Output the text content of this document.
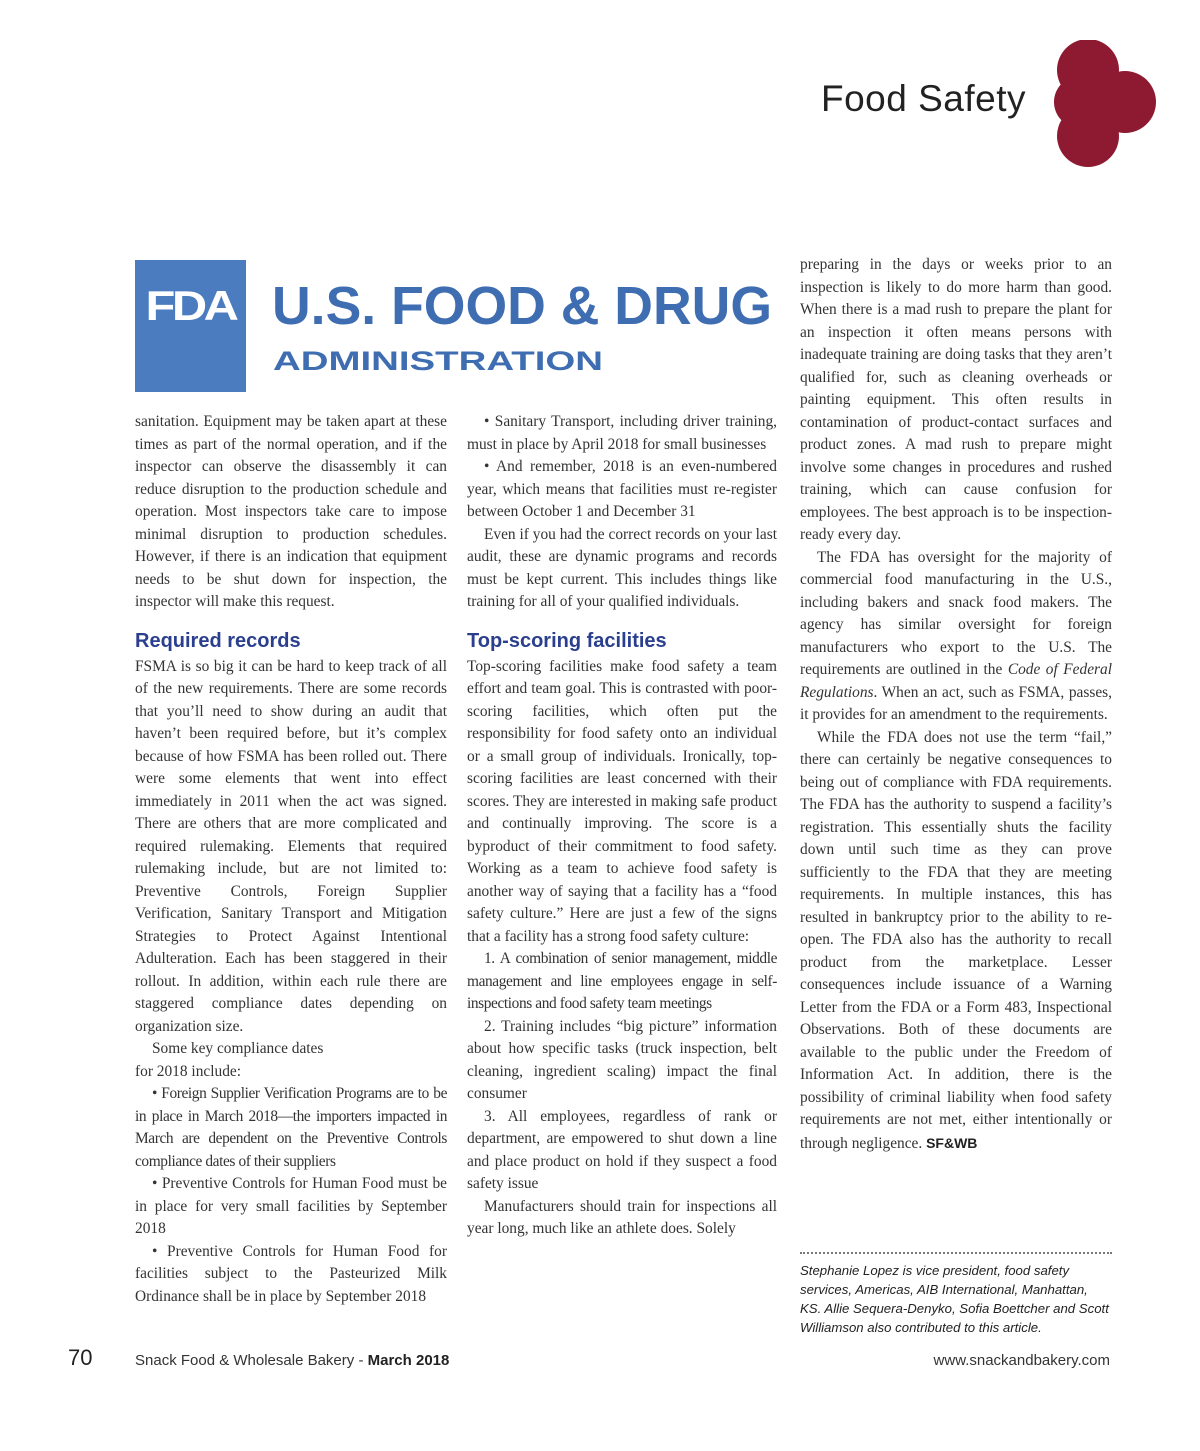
Food Safety
FDA U.S. FOOD & DRUG
ADMINISTRATION

sanitation. Equipment may be taken apart at these times as part of the normal operation, and if the inspector can observe the disassembly it can reduce disruption to the production schedule and operation. Most inspectors take care to impose minimal disruption to production schedules. However, if there is an indication that equipment needs to be shut down for inspection, the inspector will make this request.

Required records

FSMA is so big it can be hard to keep track of all of the new requirements. There are some records that you’ll need to show during an audit that haven’t been required before, but it’s complex because of how FSMA has been rolled out. There were some elements that went into effect immediately in 2011 when the act was signed. There are others that are more complicated and required rulemaking. Elements that required rulemaking include, but are not limited to: Preventive Controls, Foreign Supplier Verification, Sanitary Transport and Mitigation Strategies to Protect Against Intentional Adulteration. Each has been staggered in their rollout. In addition, within each rule there are staggered compliance dates depending on organization size.

Some key compliance dates for 2018 include:

• Foreign Supplier Verification Programs are to be in place in March 2018—the importers impacted in March are dependent on the Preventive Controls compliance dates of their suppliers

• Preventive Controls for Human Food must be in place for very small facilities by September 2018

• Preventive Controls for Human Food for facilities subject to the Pasteurized Milk Ordinance shall be in place by September 2018

• Sanitary Transport, including driver training, must in place by April 2018 for small businesses

• And remember, 2018 is an even-numbered year, which means that facilities must re-register between October 1 and December 31

Even if you had the correct records on your last audit, these are dynamic programs and records must be kept current. This includes things like training for all of your qualified individuals.

Top-scoring facilities

Top-scoring facilities make food safety a team effort and team goal. This is contrasted with poor-scoring facilities, which often put the responsibility for food safety onto an individual or a small group of individuals. Ironically, top-scoring facilities are least concerned with their scores. They are interested in making safe product and continually improving. The score is a byproduct of their commitment to food safety. Working as a team to achieve food safety is another way of saying that a facility has a “food safety culture.” Here are just a few of the signs that a facility has a strong food safety culture:

1. A combination of senior management, middle management and line employees engage in self-inspections and food safety team meetings

2. Training includes “big picture” information about how specific tasks (truck inspection, belt cleaning, ingredient scaling) impact the final consumer

3. All employees, regardless of rank or department, are empowered to shut down a line and place product on hold if they suspect a food safety issue

Manufacturers should train for inspections all year long, much like an athlete does. Solely

preparing in the days or weeks prior to an inspection is likely to do more harm than good. When there is a mad rush to prepare the plant for an inspection it often means persons with inadequate training are doing tasks that they aren’t qualified for, such as cleaning overheads or painting equipment. This often results in contamination of product-contact surfaces and product zones. A mad rush to prepare might involve some changes in procedures and rushed training, which can cause confusion for employees. The best approach is to be inspection-ready every day.

The FDA has oversight for the majority of commercial food manufacturing in the U.S., including bakers and snack food makers. The agency has similar oversight for foreign manufacturers who export to the U.S. The requirements are outlined in the Code of Federal Regulations. When an act, such as FSMA, passes, it provides for an amendment to the requirements.

While the FDA does not use the term “fail,” there can certainly be negative consequences to being out of compliance with FDA requirements. The FDA has the authority to suspend a facility’s registration. This essentially shuts the facility down until such time as they can prove sufficiently to the FDA that they are meeting requirements. In multiple instances, this has resulted in bankruptcy prior to the ability to re-open. The FDA also has the authority to recall product from the marketplace. Lesser consequences include issuance of a Warning Letter from the FDA or a Form 483, Inspectional Observations. Both of these documents are available to the public under the Freedom of Information Act. In addition, there is the possibility of criminal liability when food safety requirements are not met, either intentionally or through negligence. SF&WB

Stephanie Lopez is vice president, food safety services, Americas, AIB International, Manhattan, KS. Allie Sequera-Denyko, Sofia Boettcher and Scott Williamson also contributed to this article.
70	Snack Food & Wholesale Bakery - March 2018	www.snackandbakery.com
